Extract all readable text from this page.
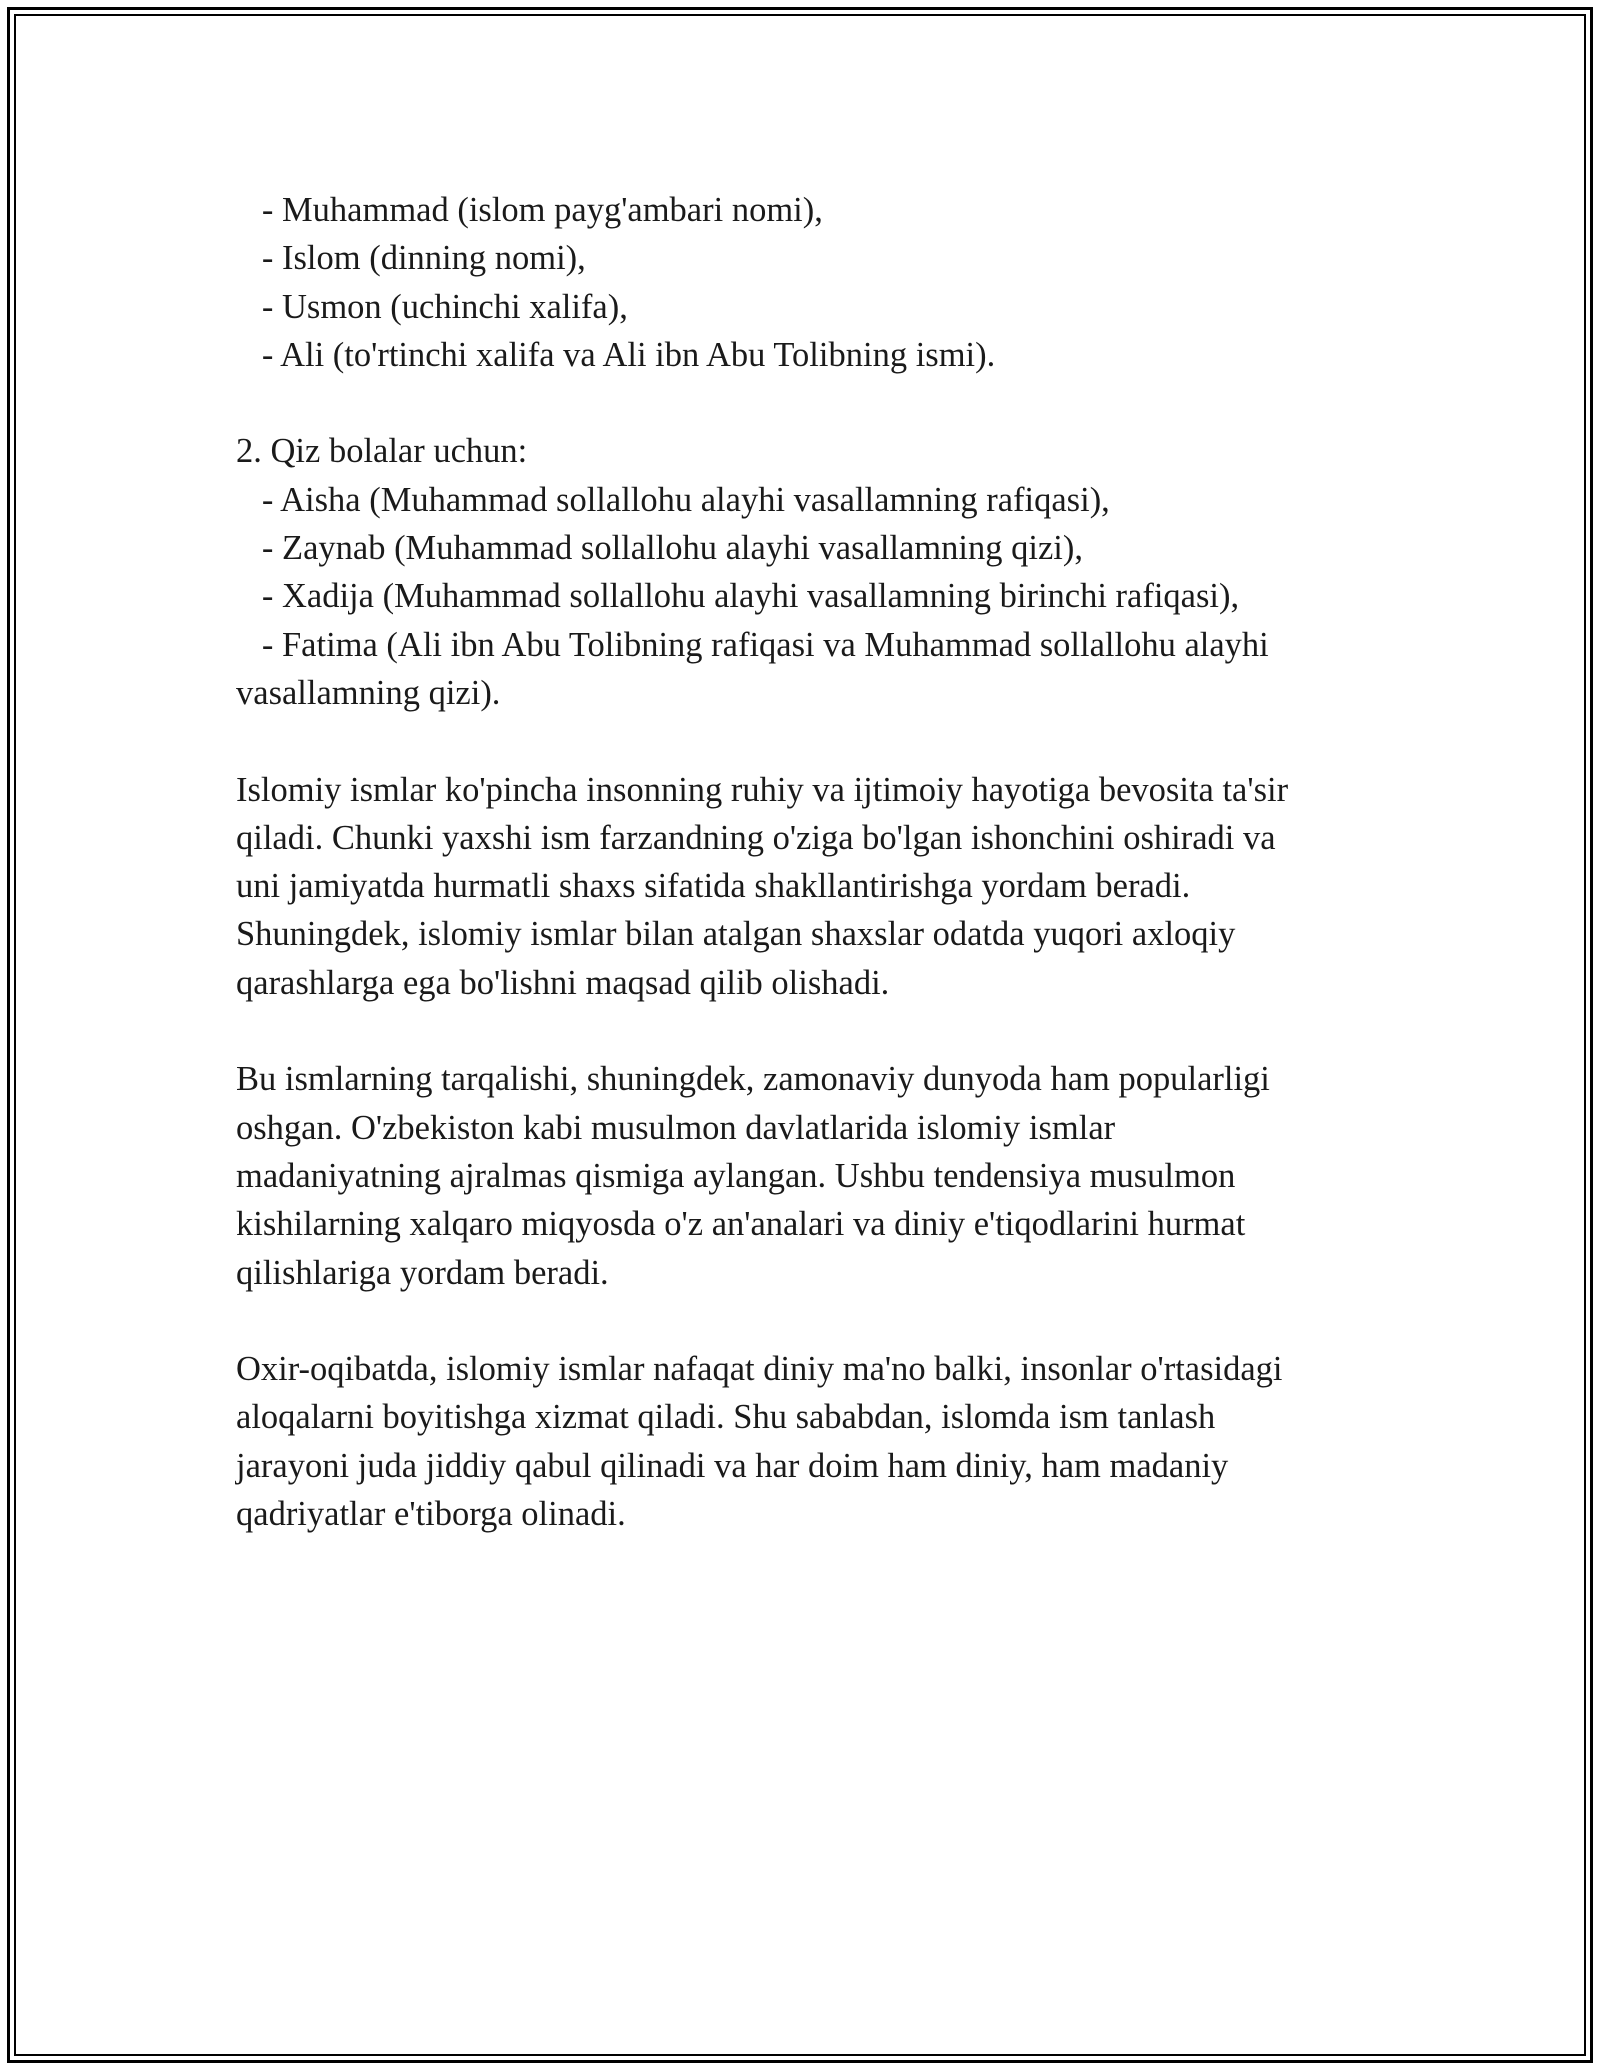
- Muhammad (islom payg'ambari nomi),
- Islom (dinning nomi),
- Usmon (uchinchi xalifa),
- Ali (to'rtinchi xalifa va Ali ibn Abu Tolibning ismi).
2. Qiz bolalar uchun:
- Aisha (Muhammad sollallohu alayhi vasallamning rafiqasi),
- Zaynab (Muhammad sollallohu alayhi vasallamning qizi),
- Xadija (Muhammad sollallohu alayhi vasallamning birinchi rafiqasi),
- Fatima (Ali ibn Abu Tolibning rafiqasi va Muhammad sollallohu alayhi
vasallamning qizi).
Islomiy ismlar ko'pincha insonning ruhiy va ijtimoiy hayotiga bevosita ta'sir
qiladi. Chunki yaxshi ism farzandning o'ziga bo'lgan ishonchini oshiradi va
uni jamiyatda hurmatli shaxs sifatida shakllantirishga yordam beradi.
Shuningdek, islomiy ismlar bilan atalgan shaxslar odatda yuqori axloqiy
qarashlarga ega bo'lishni maqsad qilib olishadi.
Bu ismlarning tarqalishi, shuningdek, zamonaviy dunyoda ham popularligi
oshgan. O'zbekiston kabi musulmon davlatlarida islomiy ismlar
madaniyatning ajralmas qismiga aylangan. Ushbu tendensiya musulmon
kishilarning xalqaro miqyosda o'z an'analari va diniy e'tiqodlarini hurmat
qilishlariga yordam beradi.
Oxir-oqibatda, islomiy ismlar nafaqat diniy ma'no balki, insonlar o'rtasidagi
aloqalarni boyitishga xizmat qiladi. Shu sababdan, islomda ism tanlash
jarayoni juda jiddiy qabul qilinadi va har doim ham diniy, ham madaniy
qadriyatlar e'tiborga olinadi.
